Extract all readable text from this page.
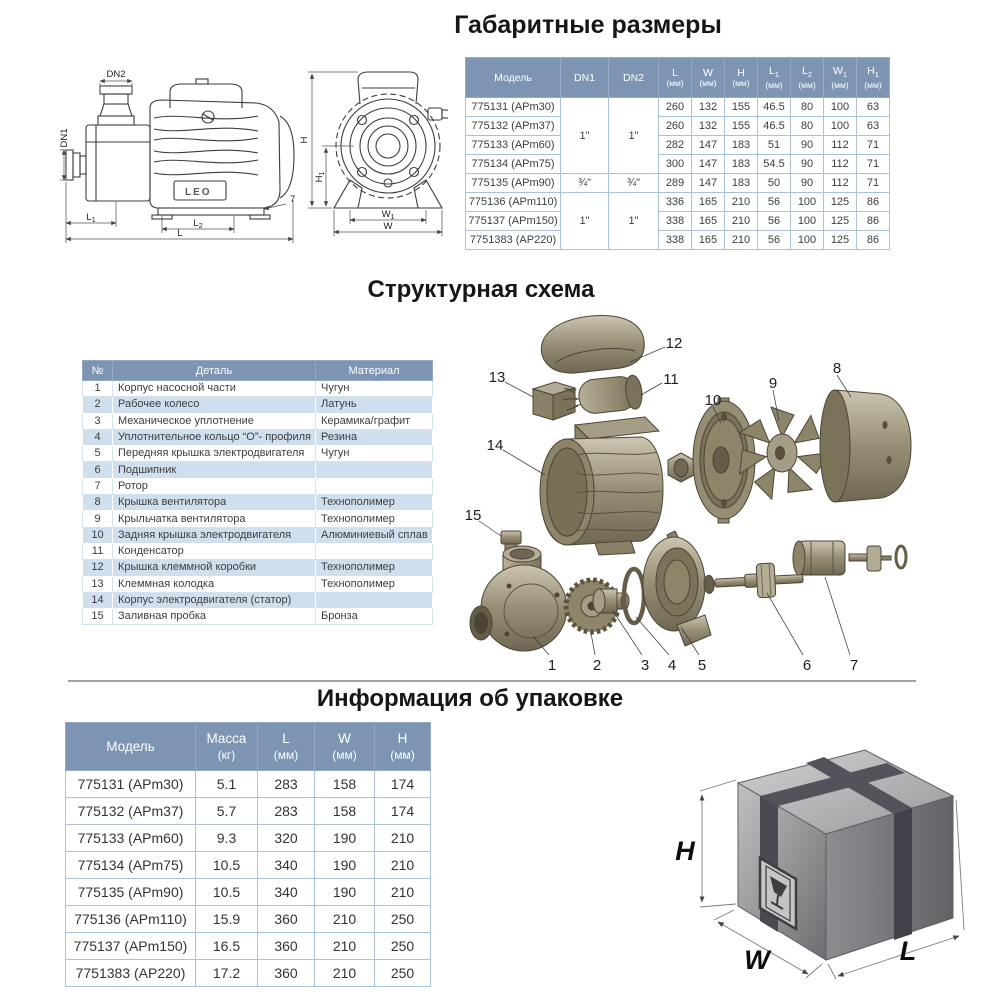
Габаритные размеры
LEO
DN2
DN1
$L_1$	$L_2$
L
7
H
$H_1$
$W_1$
W
Модель	DN1	DN2	L
(мм)

W
(мм)

H
(мм)

$L_1$
(мм)

$L_2$
(мм)

$W_1$
(мм)

$H_1$
(мм)

775131 (APm30)	1"	1"	260	132	155	46.5	80	100	63
775132 (APm37)			260	132	155	46.5	80	100	63
775133 (APm60)			282	147	183	51	90	112	71
775134 (APm75)			300	147	183	54.5	90	112	71
775135 (APm90)	¾"	¾"	289	147	183	50	90	112	71
775136 (APm110)	1"	1"	336	165	210	56	100	125	86
775137 (APm150)			338	165	210	56	100	125	86
7751383 (AP220)			338	165	210	56	100	125	86
Структурная схема
№	Деталь	Материал
1	Корпус насосной части	Чугун
2	Рабочее колесо	Латунь
3	Механическое уплотнение	Керамика/графит
4	Уплотнительное кольцо “О”- профиля	Резина
5	Передняя крышка электродвигателя	Чугун
6	Подшипник	
7	Ротор	
8	Крышка вентилятора	Технополимер
9	Крыльчатка вентилятора	Технополимер
10	Задняя крышка электродвигателя	Алюминиевый сплав
11	Конденсатор	
12	Крышка клеммной коробки	Технополимер
13	Клеммная колодка	Технополимер
14	Корпус электродвигателя (статор)	
15	Заливная пробка	Бронза
12
13	11
14
15
10
9
8
1 2	3 4 5	6	7
Информация об упаковке
Модель	
Масса
(кг)

L
(мм)

W
(мм)

H
(мм)

775131 (APm30)	5.1	283	158	174
775132 (APm37)	5.7	283	158	174
775133 (APm60)	9.3	320	190	210
775134 (APm75)	10.5	340	190	210
775135 (APm90)	10.5	340	190	210
775136 (APm110)	15.9	360	210	250
775137 (APm150)	16.5	360	210	250
7751383 (AP220)	17.2	360	210	250
H
W	L
